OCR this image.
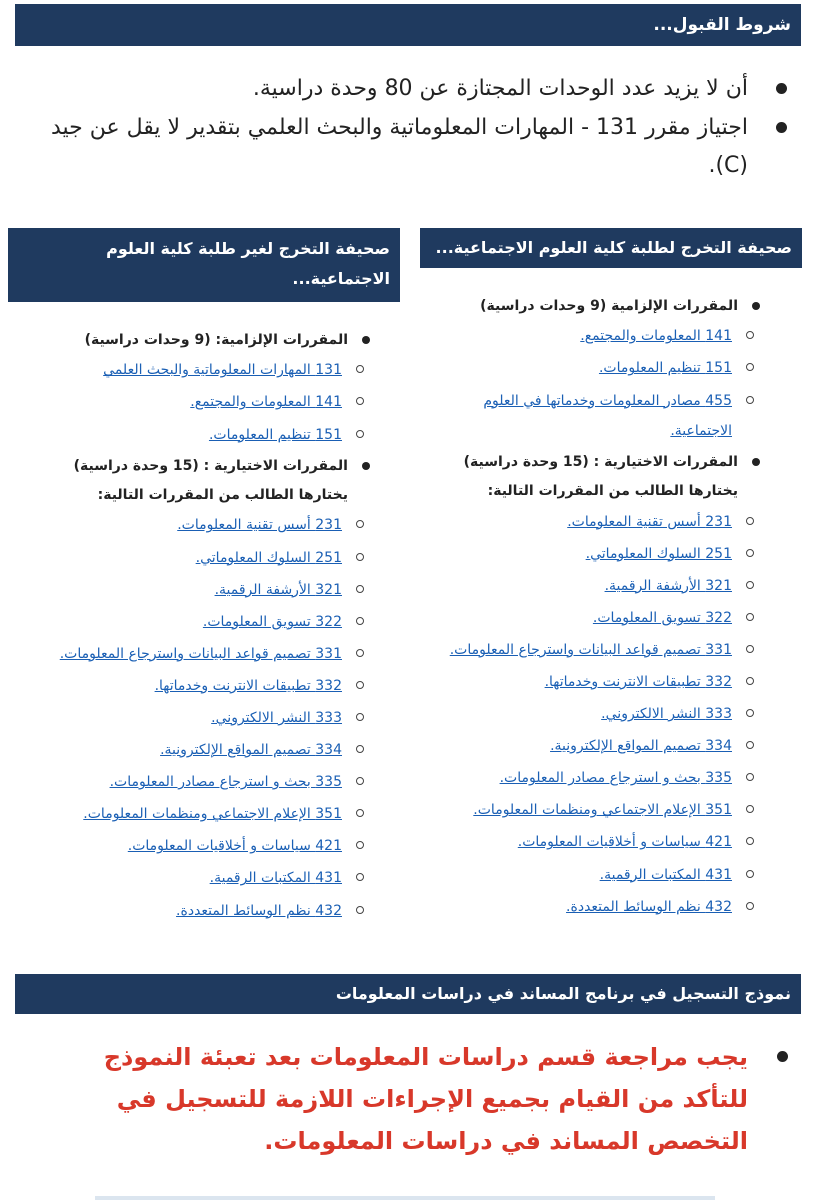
شروط القبول...
أن لا يزيد عدد الوحدات المجتازة عن 80 وحدة دراسية.
اجتياز مقرر 131 - المهارات المعلوماتية والبحث العلمي بتقدير لا يقل عن جيد (C).
صحيفة التخرج لطلبة كلية العلوم الاجتماعية...
صحيفة التخرج لغير طلبة كلية العلوم الاجتماعية...
المقررات الإلزامية (9 وحدات دراسية)
141 المعلومات والمجتمع.
151 تنظيم المعلومات.
455 مصادر المعلومات وخدماتها في العلوم الاجتماعية.
المقررات الاختيارية : (15 وحدة دراسية) يختارها الطالب من المقررات التالية:
231 أسس تقنية المعلومات.
251 السلوك المعلوماتي.
321 الأرشفة الرقمية.
322 تسويق المعلومات.
331 تصميم قواعد البيانات واسترجاع المعلومات.
332 تطبيقات الانترنت وخدماتها.
333 النشر الالكتروني.
334 تصميم المواقع الإلكترونية.
335 بحث و استرجاع مصادر المعلومات.
351 الإعلام الاجتماعي ومنظمات المعلومات.
421 سياسات و أخلاقيات المعلومات.
431 المكتبات الرقمية.
432 نظم الوسائط المتعددة.
المقررات الإلزامية: (9 وحدات دراسية)
131 المهارات المعلوماتية والبحث العلمي
141 المعلومات والمجتمع.
151 تنظيم المعلومات.
المقررات الاختيارية : (15 وحدة دراسية) يختارها الطالب من المقررات التالية:
231 أسس تقنية المعلومات.
251 السلوك المعلوماتي.
321 الأرشفة الرقمية.
322 تسويق المعلومات.
331 تصميم قواعد البيانات واسترجاع المعلومات.
332 تطبيقات الانترنت وخدماتها.
333 النشر الالكتروني.
334 تصميم المواقع الإلكترونية.
335 بحث و استرجاع مصادر المعلومات.
351 الإعلام الاجتماعي ومنظمات المعلومات.
421 سياسات و أخلاقيات المعلومات.
431 المكتبات الرقمية.
432 نظم الوسائط المتعددة.
نموذج التسجيل في برنامج المساند في دراسات المعلومات
يجب مراجعة قسم دراسات المعلومات بعد تعبئة النموذج للتأكد من القيام بجميع الإجراءات اللازمة للتسجيل في التخصص المساند في دراسات المعلومات.
